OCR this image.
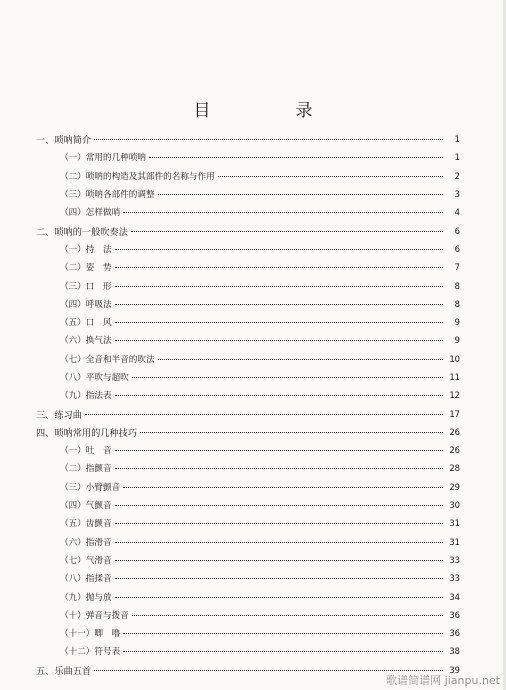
目　录
一、唢呐简介	1
（一）常用的几种唢呐	1
（二）唢呐的构造及其部件的名称与作用	2
（三）唢呐各部件的调整	3
（四）怎样做哨	4
二、唢呐的一般吹奏法	6
（一）持　法	6
（二）姿　势	7
（三）口　形	8
（四）呼吸法	8
（五）口　风	9
（六）换气法	9
（七）全音和半音的吹法	10
（八）平吹与超吹	11
（九）指法表	12
三、练习曲	17
四、唢呐常用的几种技巧	26
（一）吐　音	26
（二）指颤音	28
（三）小臂颤音	29
（四）气颤音	30
（五）齿颤音	31
（六）指滑音	31
（七）气滑音	33
（八）指揉音	33
（九）抛与放	34
（十）弹音与拨音	36
（十一）唧　噜	36
（十二）符号表	38
五、乐曲五首	39
歌谱简谱网 jianpu.net
